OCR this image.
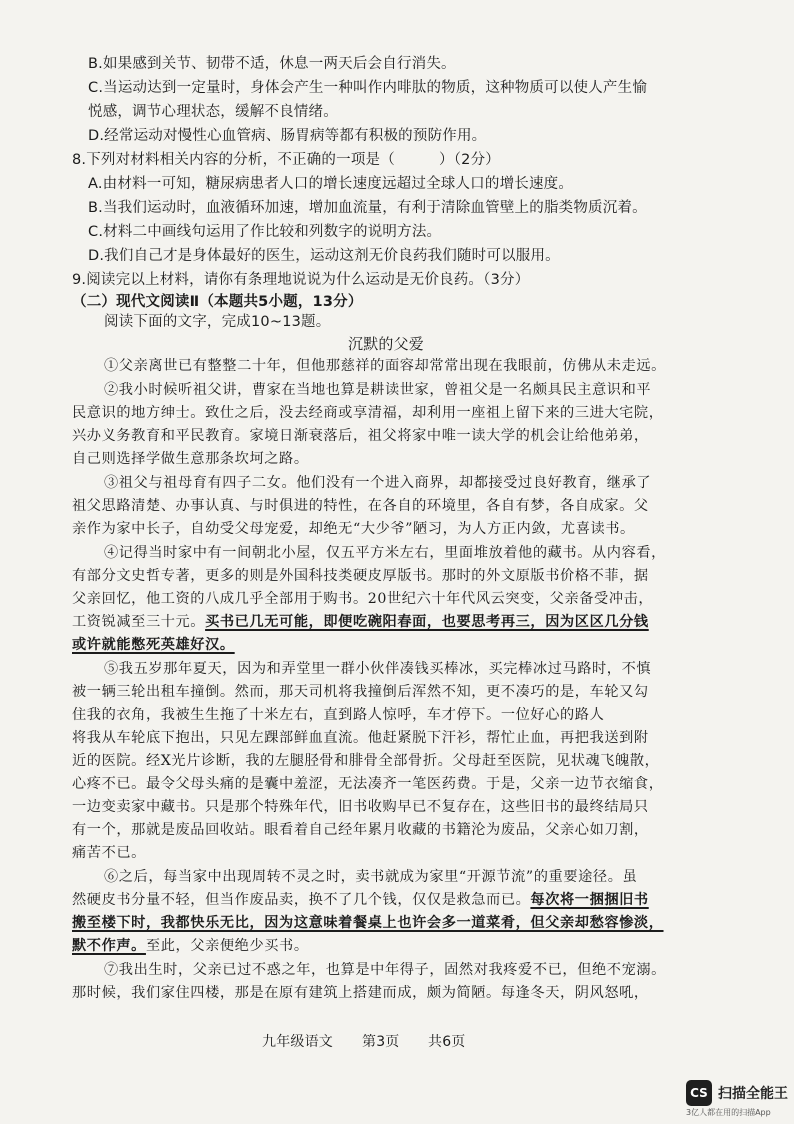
B.如果感到关节、韧带不适，休息一两天后会自行消失。
C.当运动达到一定量时，身体会产生一种叫作内啡肽的物质，这种物质可以使人产生愉
悦感，调节心理状态，缓解不良情绪。
D.经常运动对慢性心血管病、肠胃病等都有积极的预防作用。
8.下列对材料相关内容的分析，不正确的一项是（　　　）（2分）
A.由材料一可知，糖尿病患者人口的增长速度远超过全球人口的增长速度。
B.当我们运动时，血液循环加速，增加血流量，有利于清除血管壁上的脂类物质沉着。
C.材料二中画线句运用了作比较和列数字的说明方法。
D.我们自己才是身体最好的医生，运动这剂无价良药我们随时可以服用。
9.阅读完以上材料，请你有条理地说说为什么运动是无价良药。（3分）
（二）现代文阅读Ⅱ（本题共5小题，13分）
阅读下面的文字，完成10~13题。
沉默的父爱
①父亲离世已有整整二十年，但他那慈祥的面容却常常出现在我眼前，仿佛从未走远。
②我小时候听祖父讲，曹家在当地也算是耕读世家，曾祖父是一名颇具民主意识和平
民意识的地方绅士。致仕之后，没去经商或享清福，却利用一座祖上留下来的三进大宅院，
兴办义务教育和平民教育。家境日渐衰落后，祖父将家中唯一读大学的机会让给他弟弟，
自己则选择学做生意那条坎坷之路。
③祖父与祖母育有四子二女。他们没有一个进入商界，却都接受过良好教育，继承了
祖父思路清楚、办事认真、与时俱进的特性，在各自的环境里，各自有梦，各自成家。父
亲作为家中长子，自幼受父母宠爱，却绝无“大少爷”陋习，为人方正内敛，尤喜读书。
④记得当时家中有一间朝北小屋，仅五平方米左右，里面堆放着他的藏书。从内容看，
有部分文史哲专著，更多的则是外国科技类硬皮厚版书。那时的外文原版书价格不菲，据
父亲回忆，他工资的八成几乎全部用于购书。20世纪六十年代风云突变，父亲备受冲击，
工资锐减至三十元。买书已几无可能，即便吃碗阳春面，也要思考再三，因为区区几分钱
或许就能憋死英雄好汉。
⑤我五岁那年夏天，因为和弄堂里一群小伙伴凑钱买棒冰，买完棒冰过马路时，不慎
被一辆三轮出租车撞倒。然而，那天司机将我撞倒后浑然不知，更不凑巧的是，车轮又勾
住我的衣角，我被生生拖了十米左右，直到路人惊呼，车才停下。一位好心的路人
将我从车轮底下抱出，只见左踝部鲜血直流。他赶紧脱下汗衫，帮忙止血，再把我送到附
近的医院。经X光片诊断，我的左腿胫骨和腓骨全部骨折。父母赶至医院，见状魂飞魄散，
心疼不已。最令父母头痛的是囊中羞涩，无法凑齐一笔医药费。于是，父亲一边节衣缩食，
一边变卖家中藏书。只是那个特殊年代，旧书收购早已不复存在，这些旧书的最终结局只
有一个，那就是废品回收站。眼看着自己经年累月收藏的书籍沦为废品，父亲心如刀割，
痛苦不已。
⑥之后，每当家中出现周转不灵之时，卖书就成为家里“开源节流”的重要途径。虽
然硬皮书分量不轻，但当作废品卖，换不了几个钱，仅仅是救急而已。每次将一捆捆旧书
搬至楼下时，我都快乐无比，因为这意味着餐桌上也许会多一道菜肴，但父亲却愁容惨淡，
默不作声。至此，父亲便绝少买书。
⑦我出生时，父亲已过不惑之年，也算是中年得子，固然对我疼爱不已，但绝不宠溺。
那时候，我们家住四楼，那是在原有建筑上搭建而成，颇为简陋。每逢冬天，阴风怒吼，
九年级语文 第3页 共6页
CS 扫描全能王
3亿人都在用的扫描App
